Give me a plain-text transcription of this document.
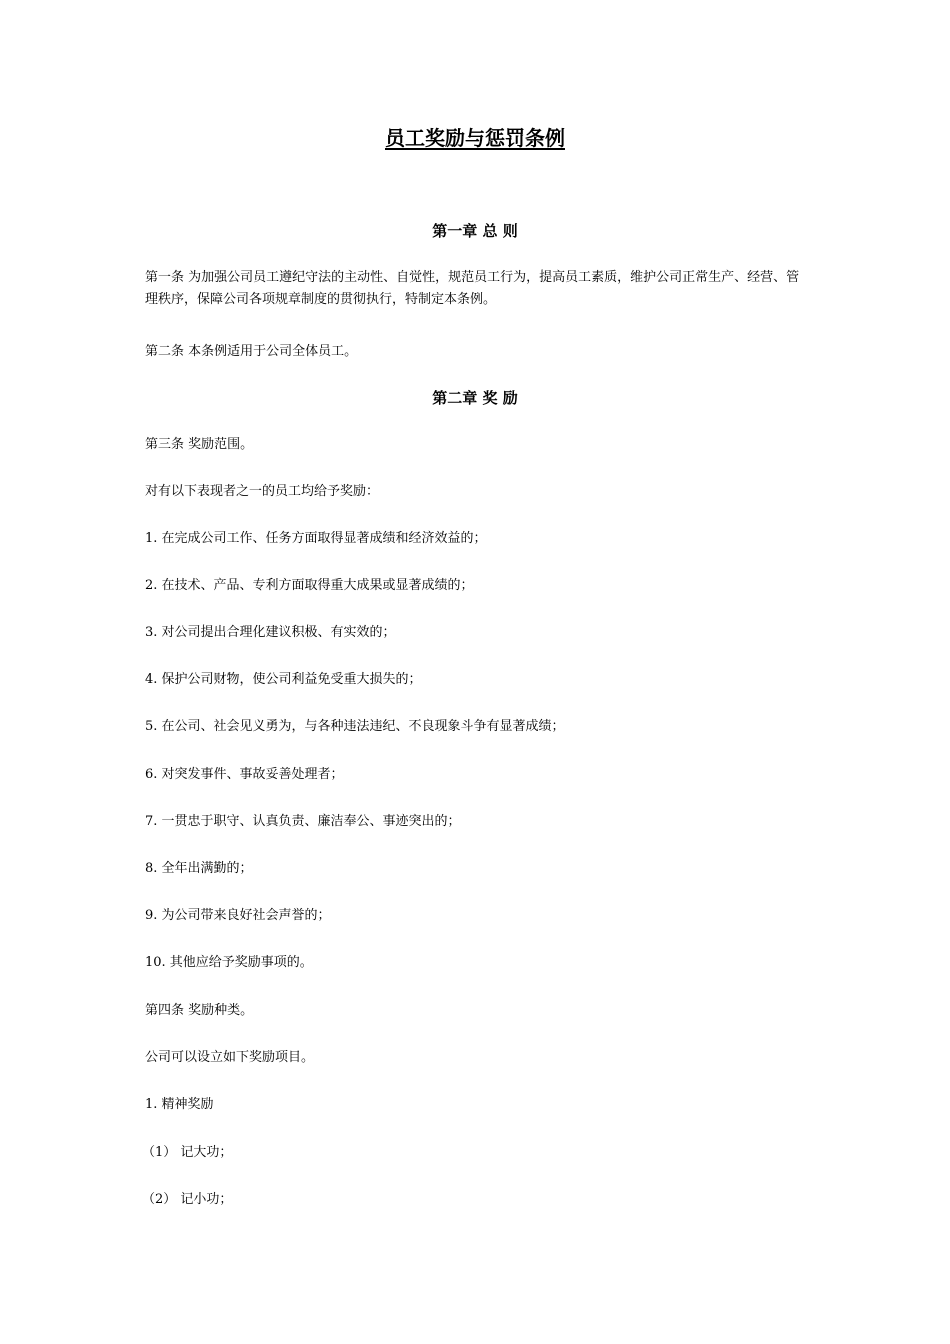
员工奖励与惩罚条例
第一章 总 则
第一条 为加强公司员工遵纪守法的主动性、自觉性，规范员工行为，提高员工素质，维护公司正常生产、经营、管理秩序，保障公司各项规章制度的贯彻执行，特制定本条例。
第二条 本条例适用于公司全体员工。
第二章 奖 励
第三条 奖励范围。
对有以下表现者之一的员工均给予奖励：
1. 在完成公司工作、任务方面取得显著成绩和经济效益的；
2. 在技术、产品、专利方面取得重大成果或显著成绩的；
3. 对公司提出合理化建议积极、有实效的；
4. 保护公司财物，使公司利益免受重大损失的；
5. 在公司、社会见义勇为，与各种违法违纪、不良现象斗争有显著成绩；
6. 对突发事件、事故妥善处理者；
7. 一贯忠于职守、认真负责、廉洁奉公、事迹突出的；
8. 全年出满勤的；
9. 为公司带来良好社会声誉的；
10. 其他应给予奖励事项的。
第四条 奖励种类。
公司可以设立如下奖励项目。
1. 精神奖励
（1） 记大功；
（2） 记小功；
